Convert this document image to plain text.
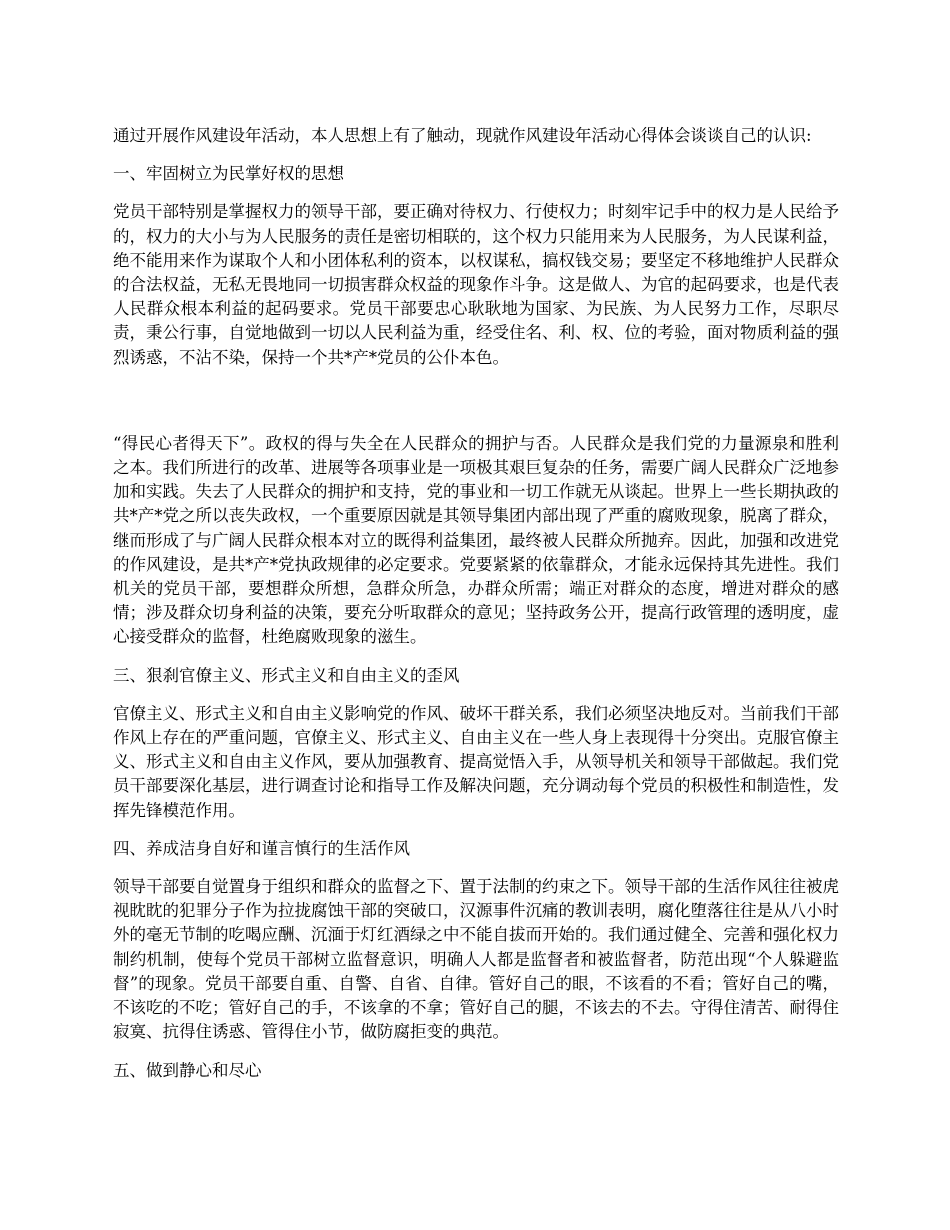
通过开展作风建设年活动，本人思想上有了触动，现就作风建设年活动心得体会谈谈自己的认识:

一、牢固树立为民掌好权的思想

党员干部特别是掌握权力的领导干部，要正确对待权力、行使权力；时刻牢记手中的权力是人民给予的，权力的大小与为人民服务的责任是密切相联的，这个权力只能用来为人民服务，为人民谋利益，绝不能用来作为谋取个人和小团体私利的资本，以权谋私，搞权钱交易；要坚定不移地维护人民群众的合法权益，无私无畏地同一切损害群众权益的现象作斗争。这是做人、为官的起码要求，也是代表人民群众根本利益的起码要求。党员干部要忠心耿耿地为国家、为民族、为人民努力工作，尽职尽责，秉公行事，自觉地做到一切以人民利益为重，经受住名、利、权、位的考验，面对物质利益的强烈诱惑，不沾不染，保持一个共*产*党员的公仆本色。

“得民心者得天下”。政权的得与失全在人民群众的拥护与否。人民群众是我们党的力量源泉和胜利之本。我们所进行的改革、进展等各项事业是一项极其艰巨复杂的任务，需要广阔人民群众广泛地参加和实践。失去了人民群众的拥护和支持，党的事业和一切工作就无从谈起。世界上一些长期执政的共*产*党之所以丧失政权，一个重要原因就是其领导集团内部出现了严重的腐败现象，脱离了群众，继而形成了与广阔人民群众根本对立的既得利益集团，最终被人民群众所抛弃。因此，加强和改进党的作风建设，是共*产*党执政规律的必定要求。党要紧紧的依靠群众，才能永远保持其先进性。我们机关的党员干部，要想群众所想，急群众所急，办群众所需；端正对群众的态度，增进对群众的感情；涉及群众切身利益的决策，要充分听取群众的意见；坚持政务公开，提高行政管理的透明度，虚心接受群众的监督，杜绝腐败现象的滋生。

三、狠刹官僚主义、形式主义和自由主义的歪风

官僚主义、形式主义和自由主义影响党的作风、破坏干群关系，我们必须坚决地反对。当前我们干部作风上存在的严重问题，官僚主义、形式主义、自由主义在一些人身上表现得十分突出。克服官僚主义、形式主义和自由主义作风，要从加强教育、提高觉悟入手，从领导机关和领导干部做起。我们党员干部要深化基层，进行调查讨论和指导工作及解决问题，充分调动每个党员的积极性和制造性，发挥先锋模范作用。

四、养成洁身自好和谨言慎行的生活作风

领导干部要自觉置身于组织和群众的监督之下、置于法制的约束之下。领导干部的生活作风往往被虎视眈眈的犯罪分子作为拉拢腐蚀干部的突破口，汉源事件沉痛的教训表明，腐化堕落往往是从八小时外的毫无节制的吃喝应酬、沉湎于灯红酒绿之中不能自拔而开始的。我们通过健全、完善和强化权力制约机制，使每个党员干部树立监督意识，明确人人都是监督者和被监督者，防范出现“个人躲避监督”的现象。党员干部要自重、自警、自省、自律。管好自己的眼，不该看的不看；管好自己的嘴，不该吃的不吃；管好自己的手，不该拿的不拿；管好自己的腿，不该去的不去。守得住清苦、耐得住寂寞、抗得住诱惑、管得住小节，做防腐拒变的典范。

五、做到静心和尽心
